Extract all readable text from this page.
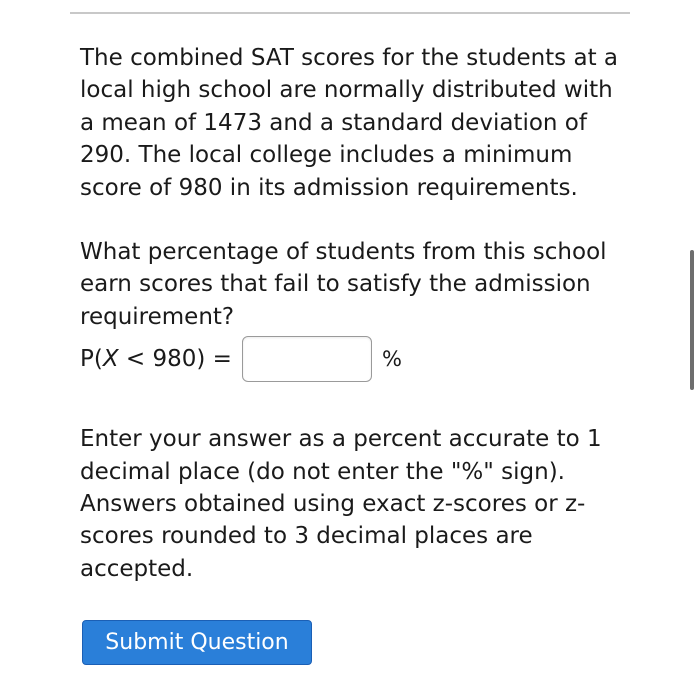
The combined SAT scores for the students at a local high school are normally distributed with a mean of 1473 and a standard deviation of 290. The local college includes a minimum score of 980 in its admission requirements.

What percentage of students from this school earn scores that fail to satisfy the admission requirement?

P(X < 980) =	%

Enter your answer as a percent accurate to 1 decimal place (do not enter the "%" sign). Answers obtained using exact z-scores or z-scores rounded to 3 decimal places are accepted.

Submit Question
